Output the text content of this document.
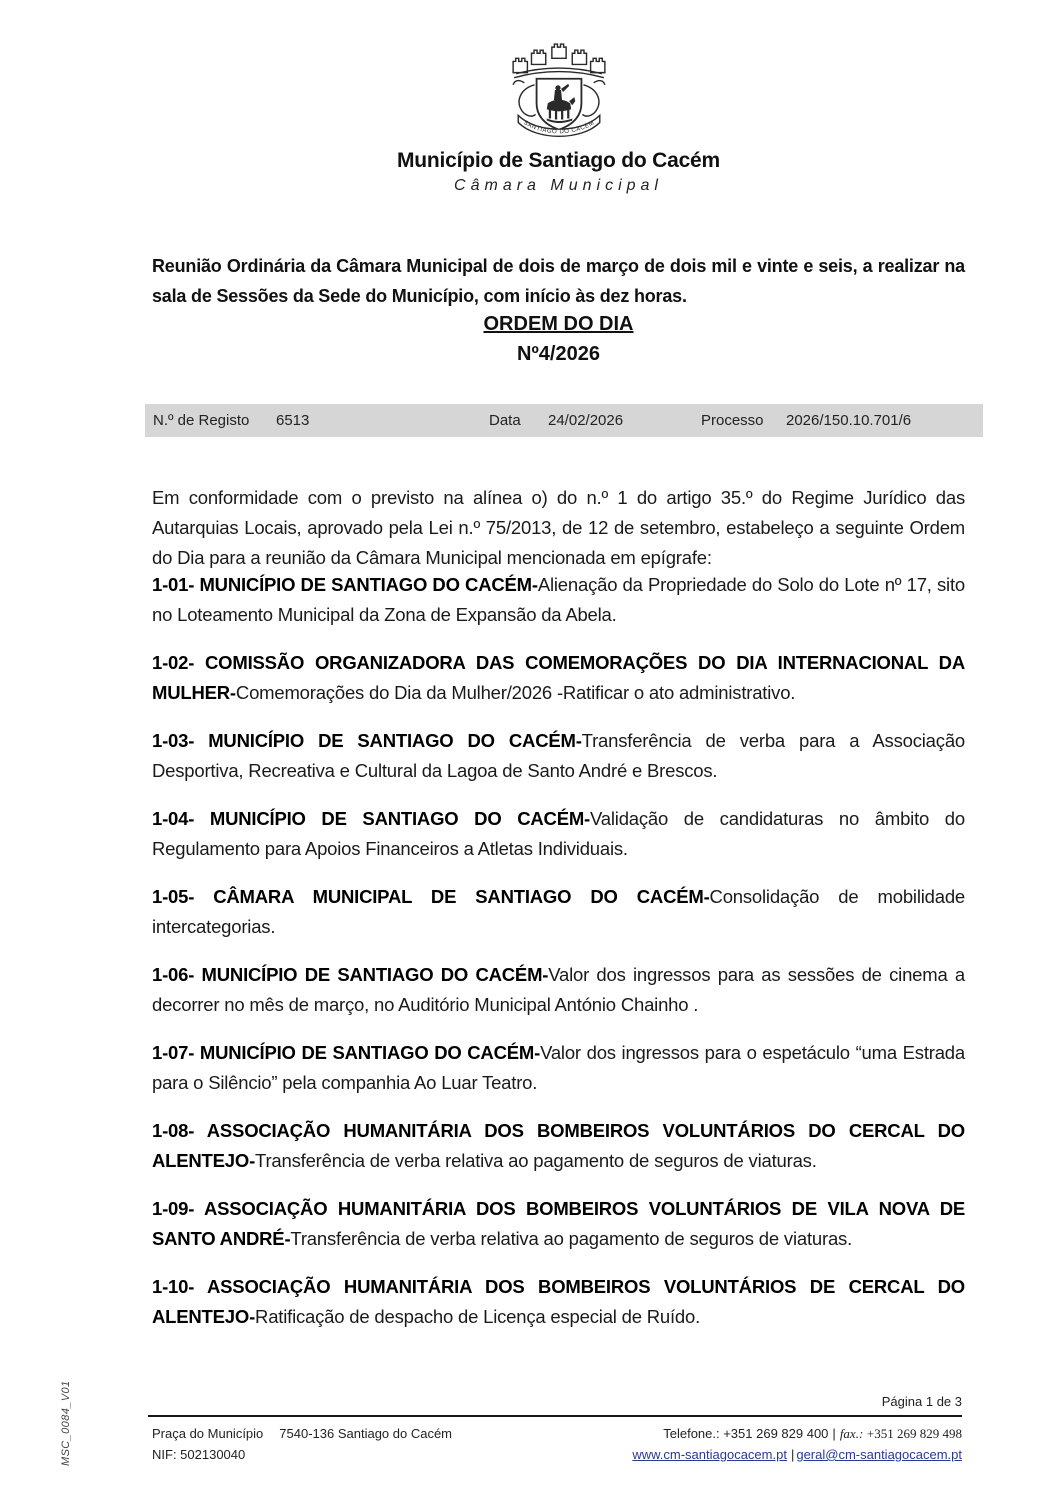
SANTIAGO DO CACÉM
Município de Santiago do Cacém
Câmara Municipal

Reunião Ordinária da Câmara Municipal de dois de março de dois mil e vinte e seis, a realizar na sala de Sessões da Sede do Município, com início às dez horas.

ORDEM DO DIA
Nº4/2026
N.º de Registo 6513	Data 24/02/2026	Processo 2026/150.10.701/6

Em conformidade com o previsto na alínea o) do n.º 1 do artigo 35.º do Regime Jurídico das Autarquias Locais, aprovado pela Lei n.º 75/2013, de 12 de setembro, estabeleço a seguinte Ordem do Dia para a reunião da Câmara Municipal mencionada em epígrafe:

1-01- MUNICÍPIO DE SANTIAGO DO CACÉM-Alienação da Propriedade do Solo do Lote nº 17, sito no Loteamento Municipal da Zona de Expansão da Abela.

1-02- COMISSÃO ORGANIZADORA DAS COMEMORAÇÕES DO DIA INTERNACIONAL DA MULHER-Comemorações do Dia da Mulher/2026 -Ratificar o ato administrativo.

1-03- MUNICÍPIO DE SANTIAGO DO CACÉM-Transferência de verba para a Associação Desportiva, Recreativa e Cultural da Lagoa de Santo André e Brescos.

1-04- MUNICÍPIO DE SANTIAGO DO CACÉM-Validação de candidaturas no âmbito do Regulamento para Apoios Financeiros a Atletas Individuais.

1-05- CÂMARA MUNICIPAL DE SANTIAGO DO CACÉM-Consolidação de mobilidade intercategorias.

1-06- MUNICÍPIO DE SANTIAGO DO CACÉM-Valor dos ingressos para as sessões de cinema a decorrer no mês de março, no Auditório Municipal António Chainho .

1-07- MUNICÍPIO DE SANTIAGO DO CACÉM-Valor dos ingressos para o espetáculo “uma Estrada para o Silêncio” pela companhia Ao Luar Teatro.

1-08- ASSOCIAÇÃO HUMANITÁRIA DOS BOMBEIROS VOLUNTÁRIOS DO CERCAL DO ALENTEJO-Transferência de verba relativa ao pagamento de seguros de viaturas.

1-09- ASSOCIAÇÃO HUMANITÁRIA DOS BOMBEIROS VOLUNTÁRIOS DE VILA NOVA DE SANTO ANDRÉ-Transferência de verba relativa ao pagamento de seguros de viaturas.

1-10- ASSOCIAÇÃO HUMANITÁRIA DOS BOMBEIROS VOLUNTÁRIOS DE CERCAL DO ALENTEJO-Ratificação de despacho de Licença especial de Ruído.

Página 1 de 3
Praça do Município 7540-136 Santiago do Cacém
NIF: 502130040
Telefone.: +351 269 829 400 | fax.: +351 269 829 498
www.cm-santiagocacem.pt | geral@cm-santiagocacem.pt
MSC_0084_V01
